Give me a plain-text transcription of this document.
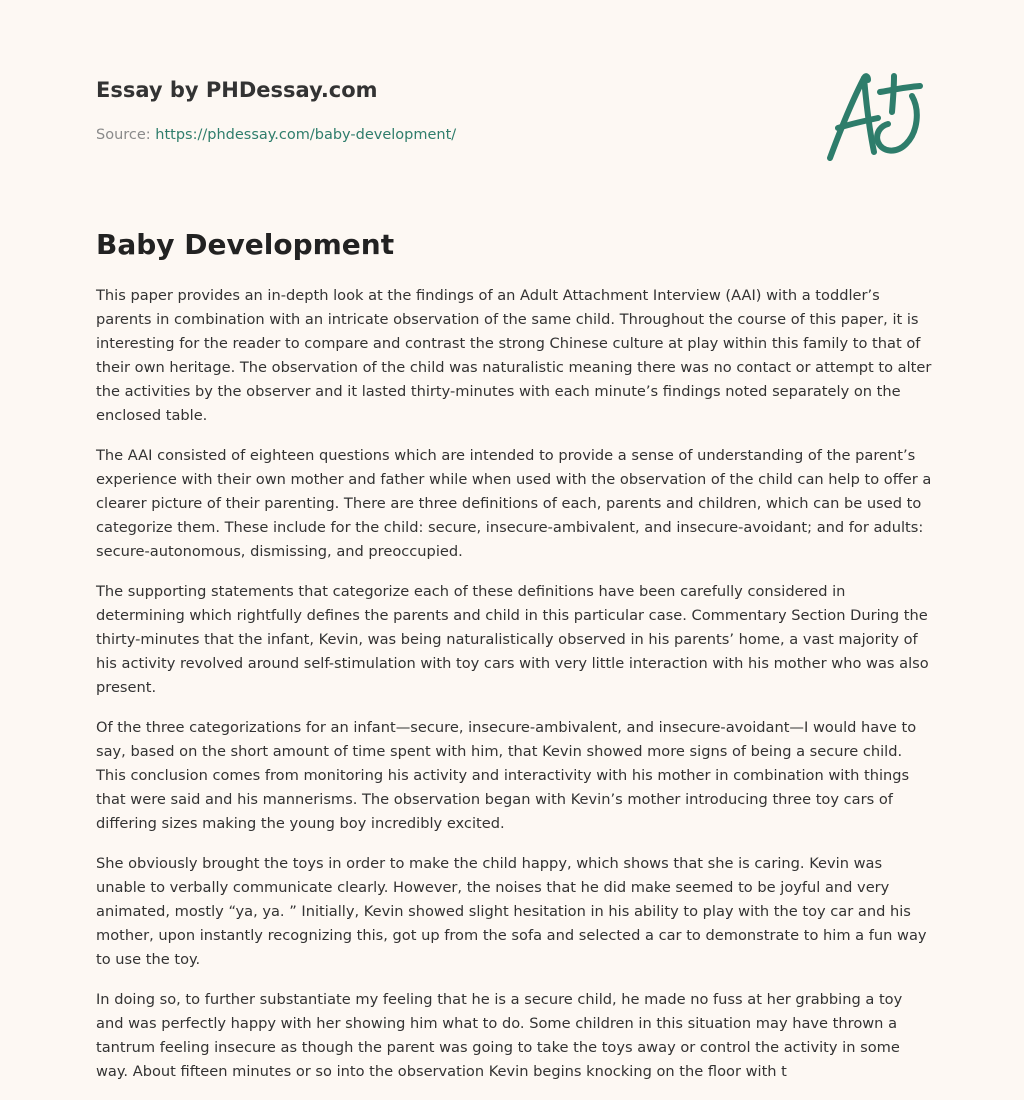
Essay by PHDessay.com
Source: https://phdessay.com/baby-development/
Baby Development

This paper provides an in-depth look at the findings of an Adult Attachment Interview (AAI) with a toddler’s parents in combination with an intricate observation of the same child. Throughout the course of this paper, it is interesting for the reader to compare and contrast the strong Chinese culture at play within this family to that of their own heritage. The observation of the child was naturalistic meaning there was no contact or attempt to alter the activities by the observer and it lasted thirty-minutes with each minute’s findings noted separately on the enclosed table.

The AAI consisted of eighteen questions which are intended to provide a sense of understanding of the parent’s experience with their own mother and father while when used with the observation of the child can help to offer a clearer picture of their parenting. There are three definitions of each, parents and children, which can be used to categorize them. These include for the child: secure, insecure-ambivalent, and insecure-avoidant; and for adults: secure-autonomous, dismissing, and preoccupied.

The supporting statements that categorize each of these definitions have been carefully considered in determining which rightfully defines the parents and child in this particular case. Commentary Section During the thirty-minutes that the infant, Kevin, was being naturalistically observed in his parents’ home, a vast majority of his activity revolved around self-stimulation with toy cars with very little interaction with his mother who was also present.

Of the three categorizations for an infant—secure, insecure-ambivalent, and insecure-avoidant—I would have to say, based on the short amount of time spent with him, that Kevin showed more signs of being a secure child. This conclusion comes from monitoring his activity and interactivity with his mother in combination with things that were said and his mannerisms. The observation began with Kevin’s mother introducing three toy cars of differing sizes making the young boy incredibly excited.

She obviously brought the toys in order to make the child happy, which shows that she is caring. Kevin was unable to verbally communicate clearly. However, the noises that he did make seemed to be joyful and very animated, mostly “ya, ya. ” Initially, Kevin showed slight hesitation in his ability to play with the toy car and his mother, upon instantly recognizing this, got up from the sofa and selected a car to demonstrate to him a fun way to use the toy.

In doing so, to further substantiate my feeling that he is a secure child, he made no fuss at her grabbing a toy and was perfectly happy with her showing him what to do. Some children in this situation may have thrown a tantrum feeling insecure as though the parent was going to take the toys away or control the activity in some way. About fifteen minutes or so into the observation Kevin begins knocking on the floor with t
